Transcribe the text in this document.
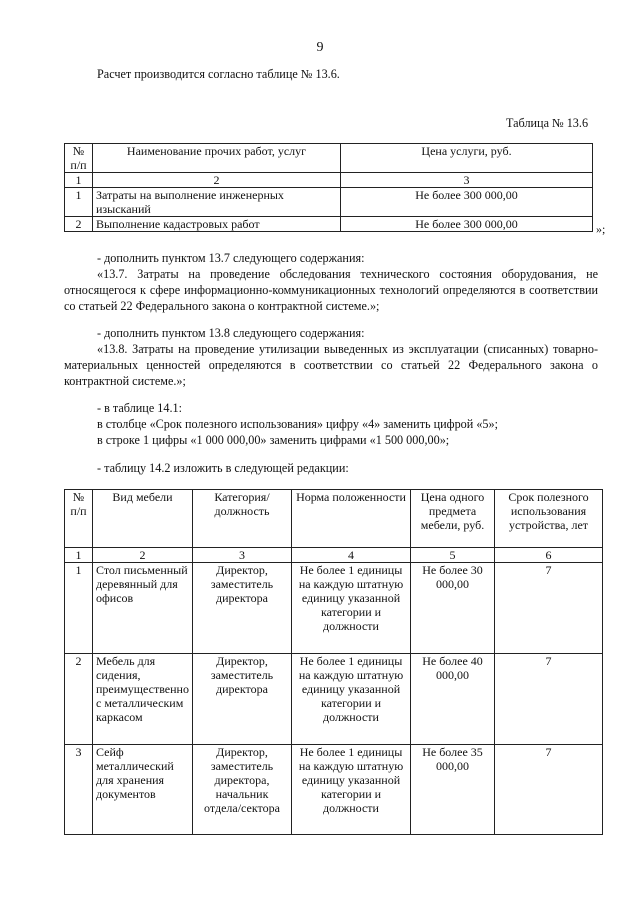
9
Расчет производится согласно таблице № 13.6.
Таблица № 13.6
№ п/п	Наименование прочих работ, услуг	Цена услуги, руб.
1	2	3
1	Затраты на выполнение инженерных изысканий	Не более 300 000,00
2	Выполнение кадастровых работ	Не более 300 000,00	»;
- дополнить пунктом 13.7 следующего содержания:
«13.7. Затраты на проведение обследования технического состояния оборудования, не относящегося к сфере информационно-коммуникационных технологий определяются в соответствии со статьей 22 Федерального закона о контрактной системе.»;
- дополнить пунктом 13.8 следующего содержания:
«13.8. Затраты на проведение утилизации выведенных из эксплуатации (списанных) товарно-материальных ценностей определяются в соответствии со статьей 22 Федерального закона о контрактной системе.»;
- в таблице 14.1:
в столбце «Срок полезного использования» цифру «4» заменить цифрой «5»;
в строке 1 цифры «1 000 000,00» заменить цифрами «1 500 000,00»;
- таблицу 14.2 изложить в следующей редакции:
№ п/п	Вид мебели	Категория/ должность	Норма положенности	Цена одного предмета мебели, руб.	Срок полезного использования устройства, лет
1	2	3	4	5	6
1	Стол письменный деревянный для офисов	Директор, заместитель директора	Не более 1 единицы на каждую штатную единицу указанной категории и должности	Не более 30 000,00	7
2	Мебель для сидения, преимущественно с металлическим каркасом	Директор, заместитель директора	Не более 1 единицы на каждую штатную единицу указанной категории и должности	Не более 40 000,00	7
3	Сейф металлический для хранения документов	Директор, заместитель директора, начальник отдела/сектора	Не более 1 единицы на каждую штатную единицу указанной категории и должности	Не более 35 000,00	7
